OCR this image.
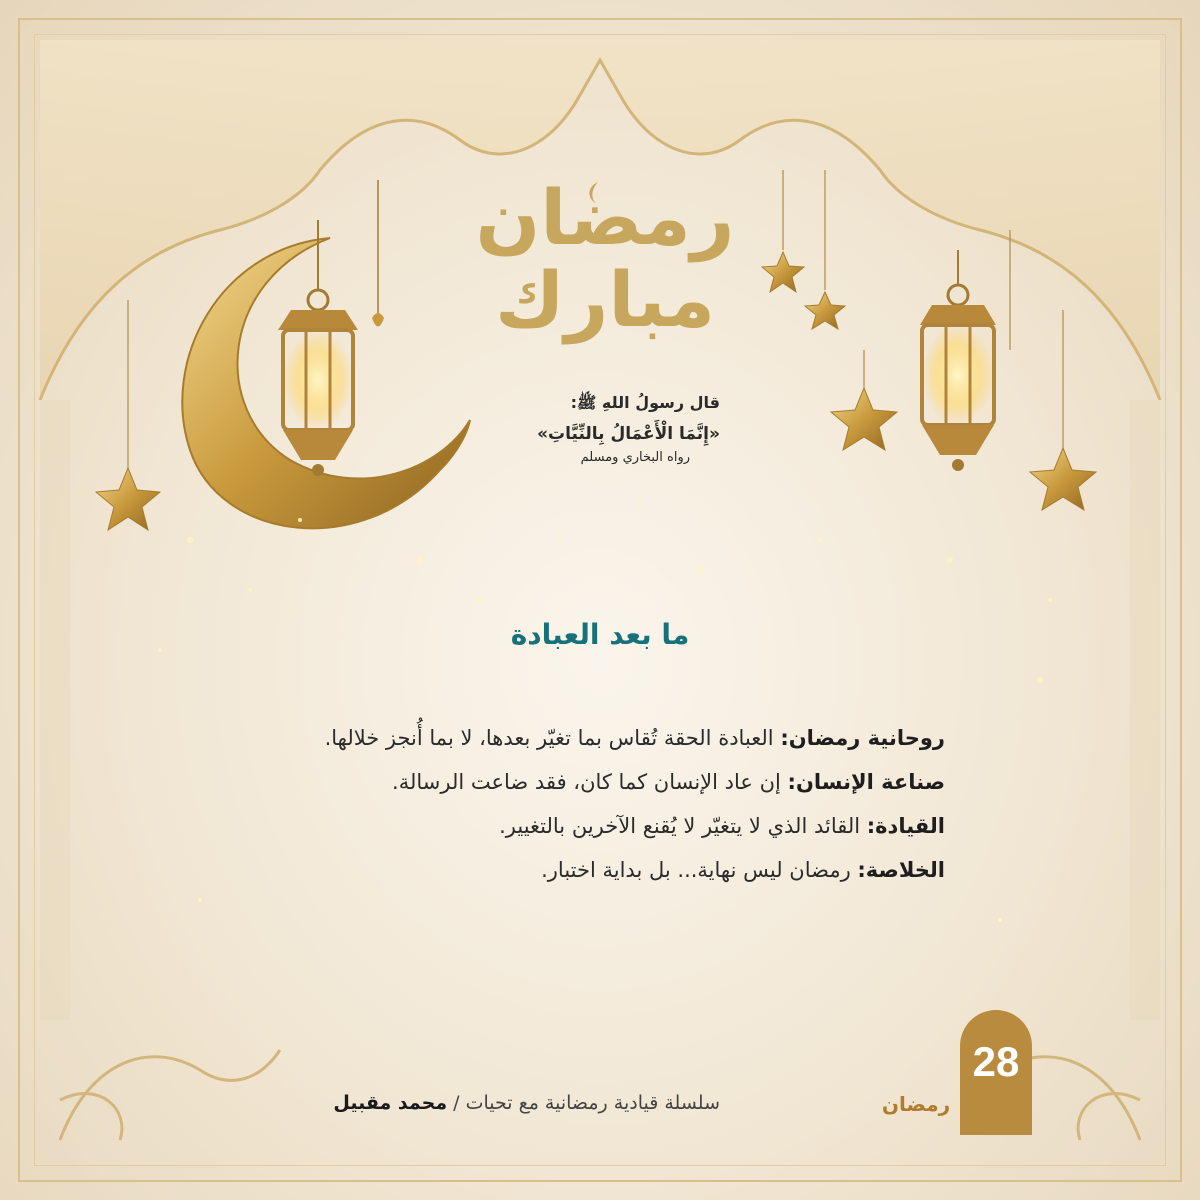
رمضان
مبارك
قال رسولُ اللهِ ﷺ:
«إِنَّمَا الْأَعْمَالُ بِالنِّيَّاتِ»
رواه البخاري ومسلم
ما بعد العبادة
روحانية رمضان: العبادة الحقة تُقاس بما تغيّر بعدها، لا بما أُنجز خلالها.
صناعة الإنسان: إن عاد الإنسان كما كان، فقد ضاعت الرسالة.
القيادة: القائد الذي لا يتغيّر لا يُقنع الآخرين بالتغيير.
الخلاصة: رمضان ليس نهاية... بل بداية اختبار.
28
رمضان
سلسلة قيادية رمضانية مع تحيات / محمد مقبيل
